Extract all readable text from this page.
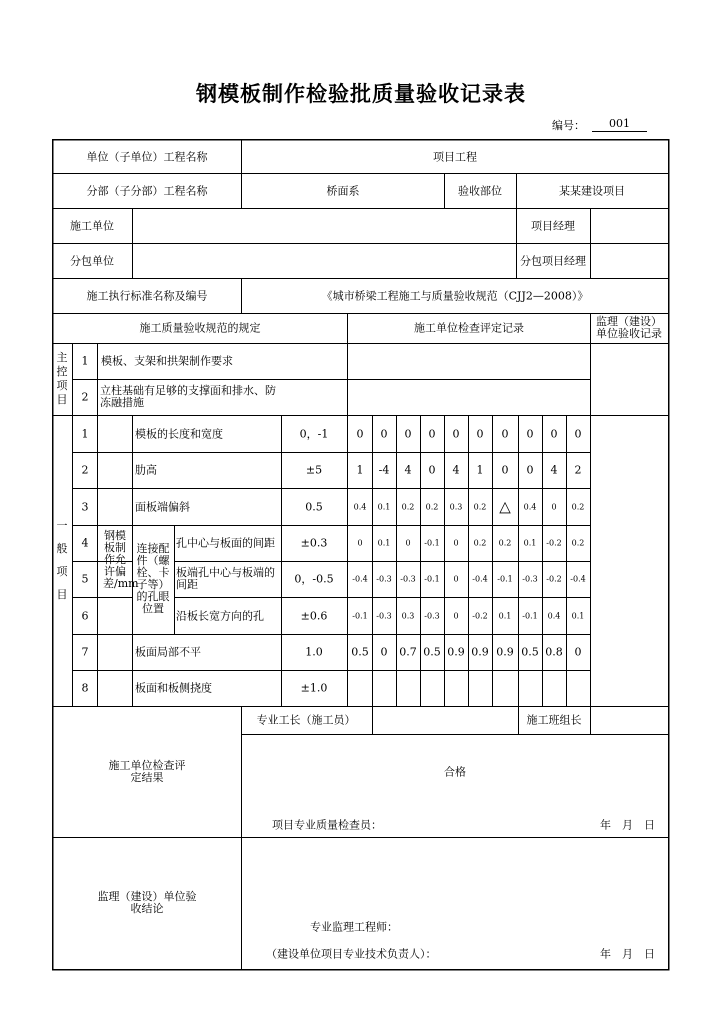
钢模板制作检验批质量验收记录表
编号：	001
单位（子单位）工程名称	项目工程
分部（子分部）工程名称	桥面系	验收部位	某某建设项目
施工单位	项目经理
分包单位	分包项目经理
施工执行标准名称及编号	《城市桥梁工程施工与质量验收规范（CJJ2—2008）》
施工质量验收规范的规定	施工单位检查评定记录	监理（建设）单位验收记录
主控项目
1 模板、支架和拱架制作要求
2 立柱基础有足够的支撑面和排水、防冻融措施
一般项目
钢模板制作允许偏差/mm
连接配件（螺栓、卡子等）的孔眼位置
1	模板的长度和宽度	0，-1	0 0 0 0 0 0 0 0 0 0
2	肋高	±5	1 -4 4 0 4 1 0 0 4 2
3	面板端偏斜	0.5	0.4 0.1 0.2 0.2 0.3 0.2 △ 0.4 0 0.2
4	孔中心与板面的间距 ±0.3	0 0.1 0 -0.1 0 0.2 0.2 0.1 -0.2 0.2
5	板端孔中心与板端的间距	0，-0.5 -0.4 -0.3 -0.3 -0.1 0 -0.4 -0.1 -0.3 -0.2 -0.4
6	沿板长宽方向的孔	±0.6	-0.1 -0.3 0.3 -0.3 0 -0.2 0.1 -0.1 0.4 0.1
7	板面局部不平	1.0	0.5 0 0.7 0.5 0.9 0.9 0.9 0.5 0.8 0
8	板面和板侧挠度	±1.0
专业工长（施工员）	施工班组长
施工单位检查评定结果	合格
项目专业质量检查员：	年　月　日
监理（建设）单位验收结论
专业监理工程师：
（建设单位项目专业技术负责人）：	年　月　日
